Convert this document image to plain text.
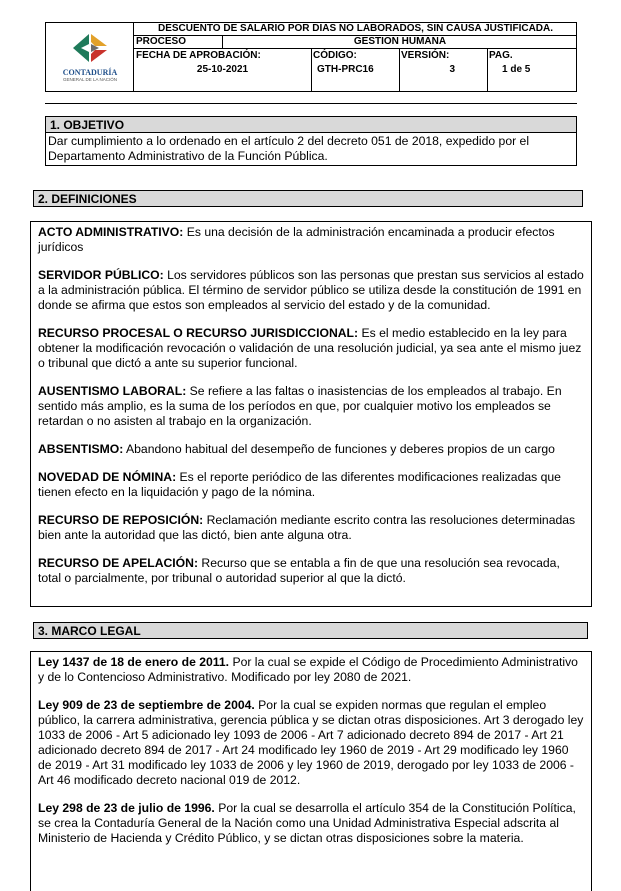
CONTADURÍA
GENERAL DE LA NACIÓN
DESCUENTO DE SALARIO POR DIAS NO LABORADOS, SIN CAUSA JUSTIFICADA.
PROCESO	GESTION HUMANA
FECHA DE APROBACIÓN:
25-10-2021
CÓDIGO:
GTH-PRC16
VERSIÓN:
3
PAG.
1 de 5
1. OBJETIVO
Dar cumplimiento a lo ordenado en el artículo 2 del decreto 051 de 2018, expedido por el Departamento Administrativo de la Función Pública.
2. DEFINICIONES

ACTO ADMINISTRATIVO: Es una decisión de la administración encaminada a producir efectos jurídicos

SERVIDOR PÚBLICO: Los servidores públicos son las personas que prestan sus servicios al estado a la administración pública. El término de servidor público se utiliza desde la constitución de 1991 en donde se afirma que estos son empleados al servicio del estado y de la comunidad.

RECURSO PROCESAL O RECURSO JURISDICCIONAL: Es el medio establecido en la ley para obtener la modificación revocación o validación de una resolución judicial, ya sea ante el mismo juez o tribunal que dictó a ante su superior funcional.

AUSENTISMO LABORAL: Se refiere a las faltas o inasistencias de los empleados al trabajo. En sentido más amplio, es la suma de los períodos en que, por cualquier motivo los empleados se retardan o no asisten al trabajo en la organización.

ABSENTISMO: Abandono habitual del desempeño de funciones y deberes propios de un cargo

NOVEDAD DE NÓMINA: Es el reporte periódico de las diferentes modificaciones realizadas que tienen efecto en la liquidación y pago de la nómina.

RECURSO DE REPOSICIÓN: Reclamación mediante escrito contra las resoluciones determinadas bien ante la autoridad que las dictó, bien ante alguna otra.

RECURSO DE APELACIÓN: Recurso que se entabla a fin de que una resolución sea revocada, total o parcialmente, por tribunal o autoridad superior al que la dictó.

3. MARCO LEGAL

Ley 1437 de 18 de enero de 2011. Por la cual se expide el Código de Procedimiento Administrativo y de lo Contencioso Administrativo. Modificado por ley 2080 de 2021.

Ley 909 de 23 de septiembre de 2004. Por la cual se expiden normas que regulan el empleo público, la carrera administrativa, gerencia pública y se dictan otras disposiciones. Art 3 derogado ley 1033 de 2006 - Art 5 adicionado ley 1093 de 2006 - Art 7 adicionado decreto 894 de 2017 - Art 21 adicionado decreto 894 de 2017 - Art 24 modificado ley 1960 de 2019 - Art 29 modificado ley 1960 de 2019 - Art 31 modificado ley 1033 de 2006 y ley 1960 de 2019, derogado por ley 1033 de 2006 - Art 46 modificado decreto nacional 019 de 2012.

Ley 298 de 23 de julio de 1996. Por la cual se desarrolla el artículo 354 de la Constitución Política, se crea la Contaduría General de la Nación como una Unidad Administrativa Especial adscrita al Ministerio de Hacienda y Crédito Público, y se dictan otras disposiciones sobre la materia.
